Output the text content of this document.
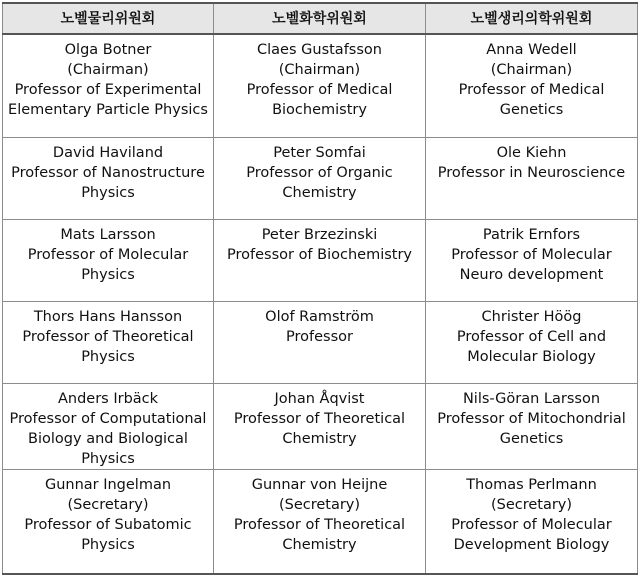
노벨물리위원회	노벨화학위원회	노벨생리의학위원회

Olga Botner
(Chairman)
Professor of Experimental
Elementary Particle Physics	Claes Gustafsson
(Chairman)
Professor of Medical
Biochemistry	Anna Wedell
(Chairman)
Professor of Medical
Genetics

David Haviland
Professor of Nanostructure
Physics	Peter Somfai
Professor of Organic
Chemistry	Ole Kiehn
Professor in Neuroscience

Mats Larsson
Professor of Molecular
Physics	Peter Brzezinski
Professor of Biochemistry	Patrik Ernfors
Professor of Molecular
Neuro development

Thors Hans Hansson
Professor of Theoretical
Physics	Olof Ramström
Professor	Christer Höög
Professor of Cell and
Molecular Biology

Anders Irbäck
Professor of Computational
Biology and Biological
Physics	Johan Åqvist
Professor of Theoretical
Chemistry	Nils-Göran Larsson
Professor of Mitochondrial
Genetics

Gunnar Ingelman
(Secretary)
Professor of Subatomic
Physics	Gunnar von Heijne
(Secretary)
Professor of Theoretical
Chemistry	Thomas Perlmann
(Secretary)
Professor of Molecular
Development Biology
